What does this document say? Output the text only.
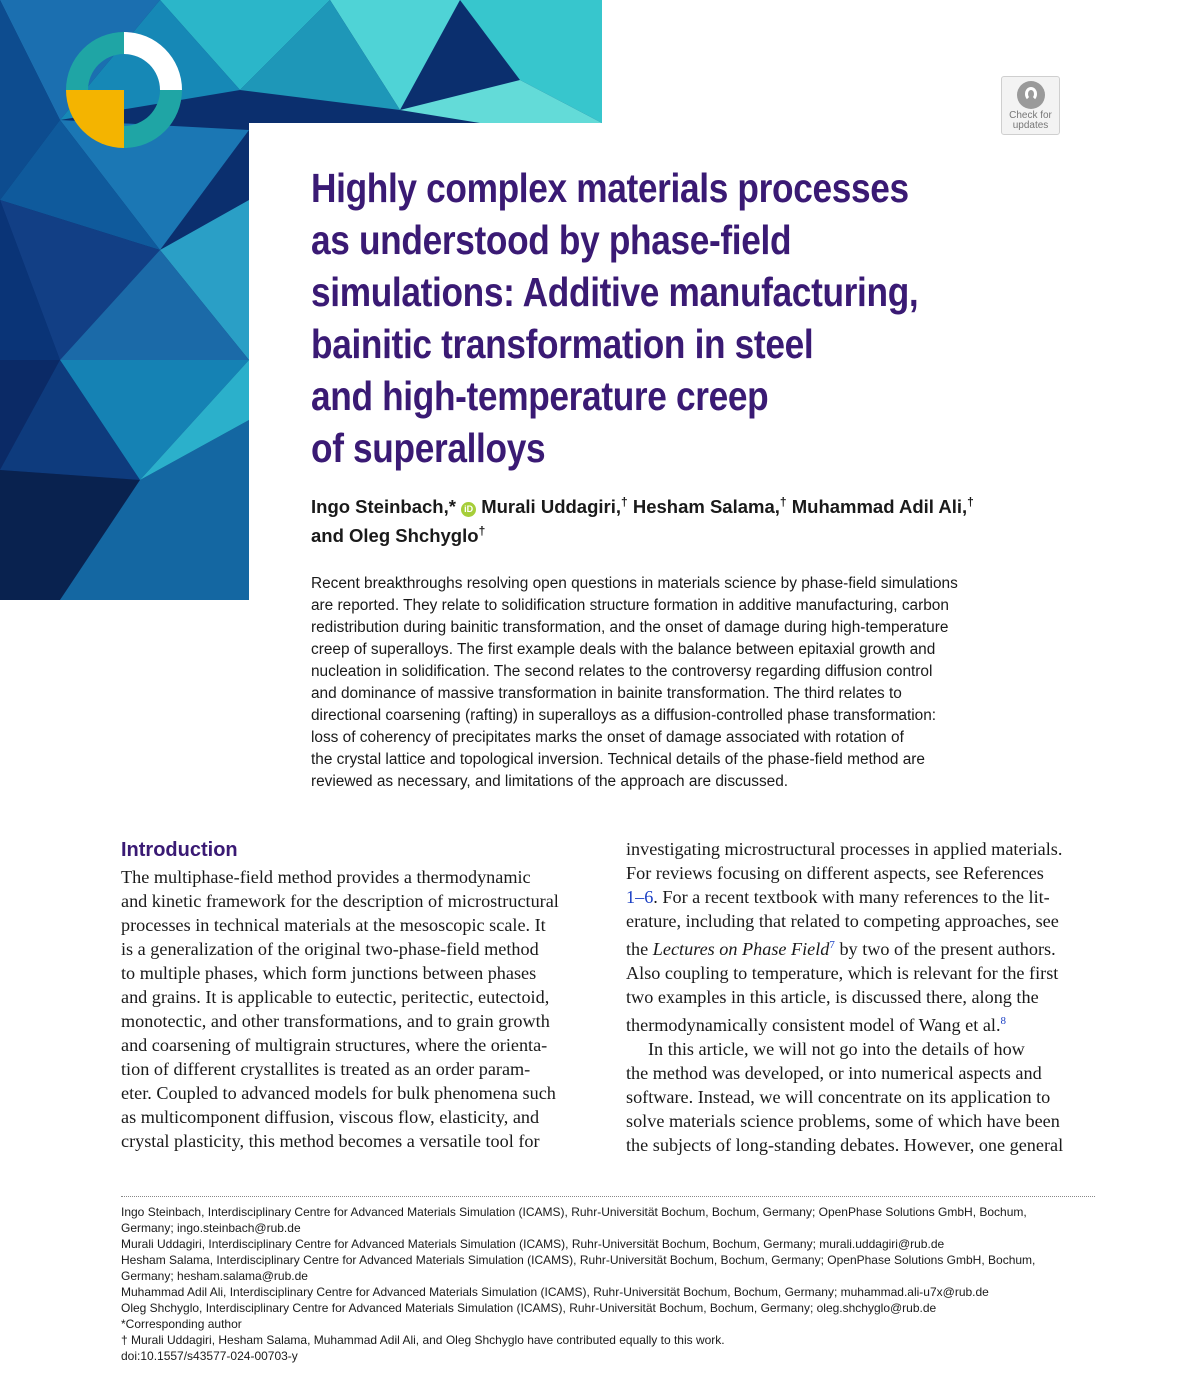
Check for
updates
Highly complex materials processes
as understood by phase-field
simulations: Additive manufacturing,
bainitic transformation in steel
and high-temperature creep
of superalloys
Ingo Steinbach,* iD Murali Uddagiri,† Hesham Salama,† Muhammad Adil Ali,†
and Oleg Shchyglo†

Recent breakthroughs resolving open questions in materials science by phase-field simulations
are reported. They relate to solidification structure formation in additive manufacturing, carbon
redistribution during bainitic transformation, and the onset of damage during high-temperature
creep of superalloys. The first example deals with the balance between epitaxial growth and
nucleation in solidification. The second relates to the controversy regarding diffusion control
and dominance of massive transformation in bainite transformation. The third relates to
directional coarsening (rafting) in superalloys as a diffusion-controlled phase transformation:
loss of coherency of precipitates marks the onset of damage associated with rotation of
the crystal lattice and topological inversion. Technical details of the phase-field method are
reviewed as necessary, and limitations of the approach are discussed.

Introduction
The multiphase-field method provides a thermodynamic
and kinetic framework for the description of microstructural
processes in technical materials at the mesoscopic scale. It
is a generalization of the original two-phase-field method
to multiple phases, which form junctions between phases
and grains. It is applicable to eutectic, peritectic, eutectoid,
monotectic, and other transformations, and to grain growth
and coarsening of multigrain structures, where the orienta-
tion of different crystallites is treated as an order param-
eter. Coupled to advanced models for bulk phenomena such
as multicomponent diffusion, viscous flow, elasticity, and
crystal plasticity, this method becomes a versatile tool for
investigating microstructural processes in applied materials.
For reviews focusing on different aspects, see References
1–6. For a recent textbook with many references to the lit-
erature, including that related to competing approaches, see
the Lectures on Phase Field$^7$ by two of the present authors.
Also coupling to temperature, which is relevant for the first
two examples in this article, is discussed there, along the
thermodynamically consistent model of Wang et al.$^8$
In this article, we will not go into the details of how
the method was developed, or into numerical aspects and
software. Instead, we will concentrate on its application to
solve materials science problems, some of which have been
the subjects of long-standing debates. However, one general
Ingo Steinbach, Interdisciplinary Centre for Advanced Materials Simulation (ICAMS), Ruhr-Universität Bochum, Bochum, Germany; OpenPhase Solutions GmbH, Bochum,
Germany; ingo.steinbach@rub.de
Murali Uddagiri, Interdisciplinary Centre for Advanced Materials Simulation (ICAMS), Ruhr-Universität Bochum, Bochum, Germany; murali.uddagiri@rub.de
Hesham Salama, Interdisciplinary Centre for Advanced Materials Simulation (ICAMS), Ruhr-Universität Bochum, Bochum, Germany; OpenPhase Solutions GmbH, Bochum,
Germany; hesham.salama@rub.de
Muhammad Adil Ali, Interdisciplinary Centre for Advanced Materials Simulation (ICAMS), Ruhr-Universität Bochum, Bochum, Germany; muhammad.ali-u7x@rub.de
Oleg Shchyglo, Interdisciplinary Centre for Advanced Materials Simulation (ICAMS), Ruhr-Universität Bochum, Bochum, Germany; oleg.shchyglo@rub.de
*Corresponding author
† Murali Uddagiri, Hesham Salama, Muhammad Adil Ali, and Oleg Shchyglo have contributed equally to this work.
doi:10.1557/s43577-024-00703-y
